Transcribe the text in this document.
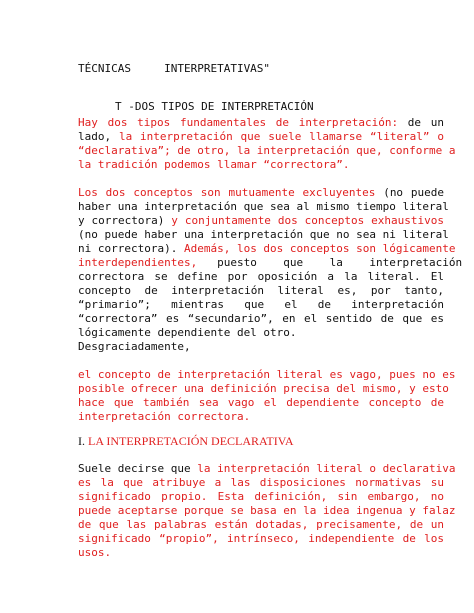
TÉCNICAS     INTERPRETATIVAS"
T -DOS TIPOS DE INTERPRETACIÓN
Hay dos tipos fundamentales de interpretación: de un
lado, la interpretación que suele llamarse “literal” o
“declarativa”; de otro, la interpretación que, conforme a
la tradición podemos llamar “correctora”.
Los dos conceptos son mutuamente excluyentes (no puede
haber una interpretación que sea al mismo tiempo literal
y correctora) y conjuntamente dos conceptos exhaustivos
(no puede haber una interpretación que no sea ni literal
ni correctora). Además, los dos conceptos son lógicamente
interdependientes,   puesto    que    la    interpretación
correctora se define por oposición a la literal. El
concepto de interpretación literal es, por tanto,
“primario”;   mientras   que   el   de   interpretación
“correctora” es “secundario”, en el sentido de que es
lógicamente dependiente del otro.
Desgraciadamente,
el concepto de interpretación literal es vago, pues no es
posible ofrecer una definición precisa del mismo, y esto
hace que también sea vago el dependiente concepto de
interpretación correctora.
I. LA INTERPRETACIÓN DECLARATIVA
Suele decirse que la interpretación literal o declarativa
es la que atribuye a las disposiciones normativas su
significado propio. Esta definición, sin embargo, no
puede aceptarse porque se basa en la idea ingenua y falaz
de que las palabras están dotadas, precisamente, de un
significado “propio”, intrínseco, independiente de los
usos.
